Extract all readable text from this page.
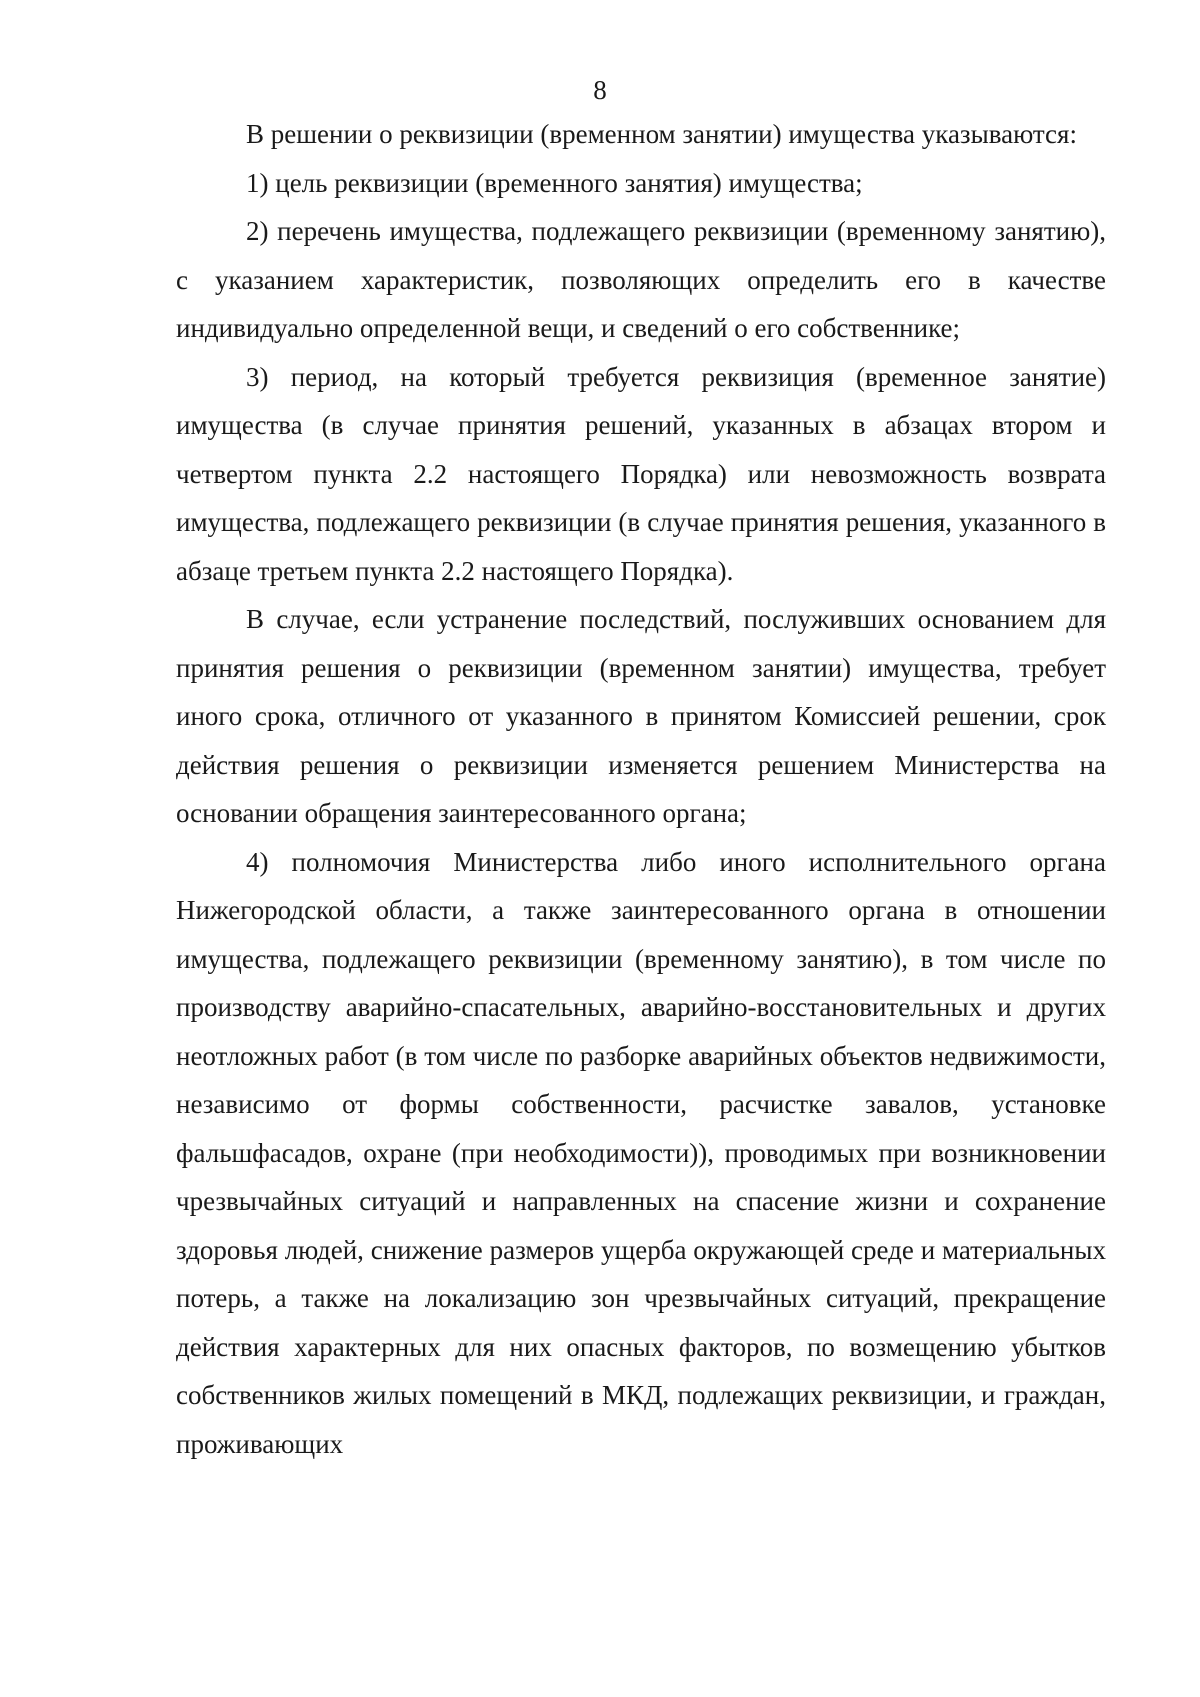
8

В решении о реквизиции (временном занятии) имущества указываются:

1) цель реквизиции (временного занятия) имущества;

2) перечень имущества, подлежащего реквизиции (временному занятию), с указанием характеристик, позволяющих определить его в качестве индивидуально определенной вещи, и сведений о его собственнике;

3) период, на который требуется реквизиция (временное занятие) имущества (в случае принятия решений, указанных в абзацах втором и четвертом пункта 2.2 настоящего Порядка) или невозможность возврата имущества, подлежащего реквизиции (в случае принятия решения, указанного в абзаце третьем пункта 2.2 настоящего Порядка).

В случае, если устранение последствий, послуживших основанием для принятия решения о реквизиции (временном занятии) имущества, требует иного срока, отличного от указанного в принятом Комиссией решении, срок действия решения о реквизиции изменяется решением Министерства на основании обращения заинтересованного органа;

4) полномочия Министерства либо иного исполнительного органа Нижегородской области, а также заинтересованного органа в отношении имущества, подлежащего реквизиции (временному занятию), в том числе по производству аварийно-спасательных, аварийно-восстановительных и других неотложных работ (в том числе по разборке аварийных объектов недвижимости, независимо от формы собственности, расчистке завалов, установке фальшфасадов, охране (при необходимости)), проводимых при возникновении чрезвычайных ситуаций и направленных на спасение жизни и сохранение здоровья людей, снижение размеров ущерба окружающей среде и материальных потерь, а также на локализацию зон чрезвычайных ситуаций, прекращение действия характерных для них опасных факторов, по возмещению убытков собственников жилых помещений в МКД, подлежащих реквизиции, и граждан, проживающих
